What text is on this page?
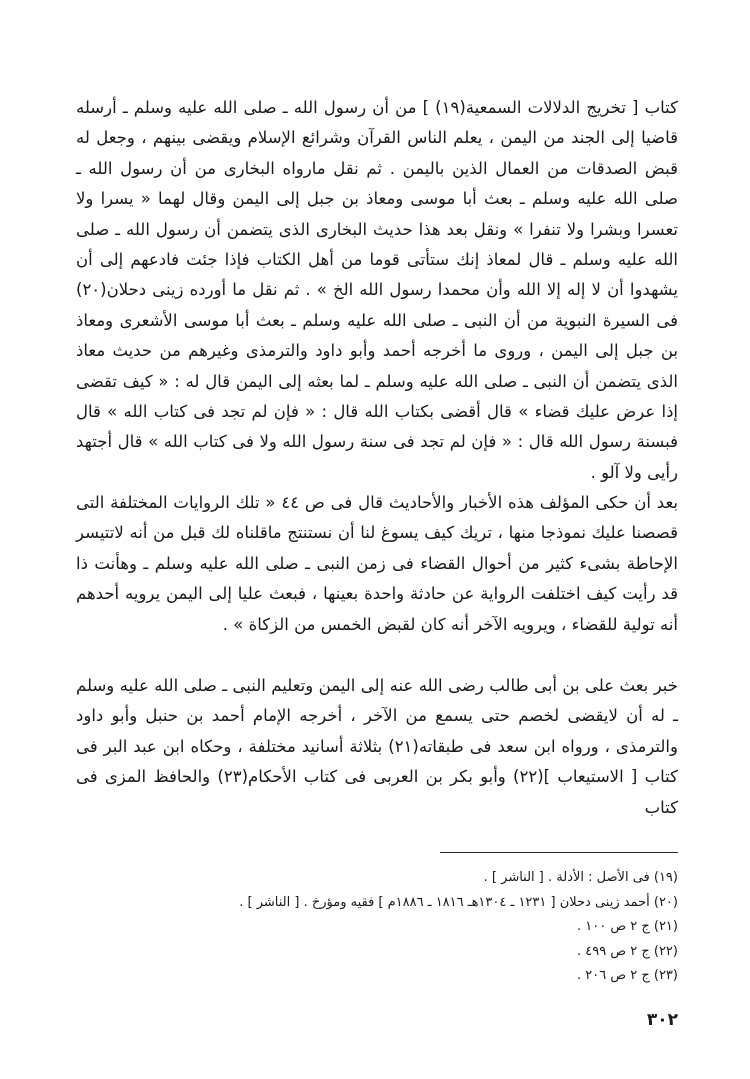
كتاب [ تخريج الدلالات السمعية(١٩) ] من أن رسول الله ـ صلى الله عليه وسلم ـ أرسله قاضيا إلى الجند من اليمن ، يعلم الناس القرآن وشرائع الإسلام ويقضى بينهم ، وجعل له قبض الصدقات من العمال الذين باليمن . ثم نقل مارواه البخارى من أن رسول الله ـ صلى الله عليه وسلم ـ بعث أبا موسى ومعاذ بن جبل إلى اليمن وقال لهما « يسرا ولا تعسرا وبشرا ولا تنفرا » ونقل بعد هذا حديث البخارى الذى يتضمن أن رسول الله ـ صلى الله عليه وسلم ـ قال لمعاذ إنك ستأتى قوما من أهل الكتاب فإذا جئت فادعهم إلى أن يشهدوا أن لا إله إلا الله وأن محمدا رسول الله الخ » . ثم نقل ما أورده زينى دحلان(٢٠) فى السيرة النبوية من أن النبى ـ صلى الله عليه وسلم ـ بعث أبا موسى الأشعرى ومعاذ بن جبل إلى اليمن ، وروى ما أخرجه أحمد وأبو داود والترمذى وغيرهم من حديث معاذ الذى يتضمن أن النبى ـ صلى الله عليه وسلم ـ لما بعثه إلى اليمن قال له : « كيف تقضى إذا عرض عليك قضاء » قال أقضى بكتاب الله قال : « فإن لم تجد فى كتاب الله » قال فبسنة رسول الله قال : « فإن لم تجد فى سنة رسول الله ولا فى كتاب الله » قال أجتهد رأيى ولا آلو .

بعد أن حكى المؤلف هذه الأخبار والأحاديث قال فى ص ٤٤ « تلك الروايات المختلفة التى قصصنا عليك نموذجا منها ، تريك كيف يسوغ لنا أن نستنتج ماقلناه لك قبل من أنه لاتتيسر الإحاطة بشىء كثير من أحوال القضاء فى زمن النبى ـ صلى الله عليه وسلم ـ وهأنت ذا قد رأيت كيف اختلفت الرواية عن حادثة واحدة بعينها ، فبعث عليا إلى اليمن يرويه أحدهم أنه تولية للقضاء ، ويرويه الآخر أنه كان لقبض الخمس من الزكاة » .

خبر بعث على بن أبى طالب رضى الله عنه إلى اليمن وتعليم النبى ـ صلى الله عليه وسلم ـ له أن لايقضى لخصم حتى يسمع من الآخر ، أخرجه الإمام أحمد بن حنبل وأبو داود والترمذى ، ورواه ابن سعد فى طبقاته(٢١) بثلاثة أسانيد مختلفة ، وحكاه ابن عبد البر فى كتاب [ الاستيعاب ](٢٢) وأبو بكر بن العربى فى كتاب الأحكام(٢٣) والحافظ المزى فى كتاب

(١٩) فى الأصل : الأدلة . [ الناشر ] .
(٢٠) أحمد زينى دحلان [ ١٢٣١ ـ ١٣٠٤هـ ١٨١٦ ـ ١٨٨٦م ] فقيه ومؤرخ . [ الناشر ] .
(٢١) ج ٢ ص ١٠٠ .
(٢٢) ج ٢ ص ٤٩٩ .
(٢٣) ج ٢ ص ٢٠٦ .
٣٠٢
